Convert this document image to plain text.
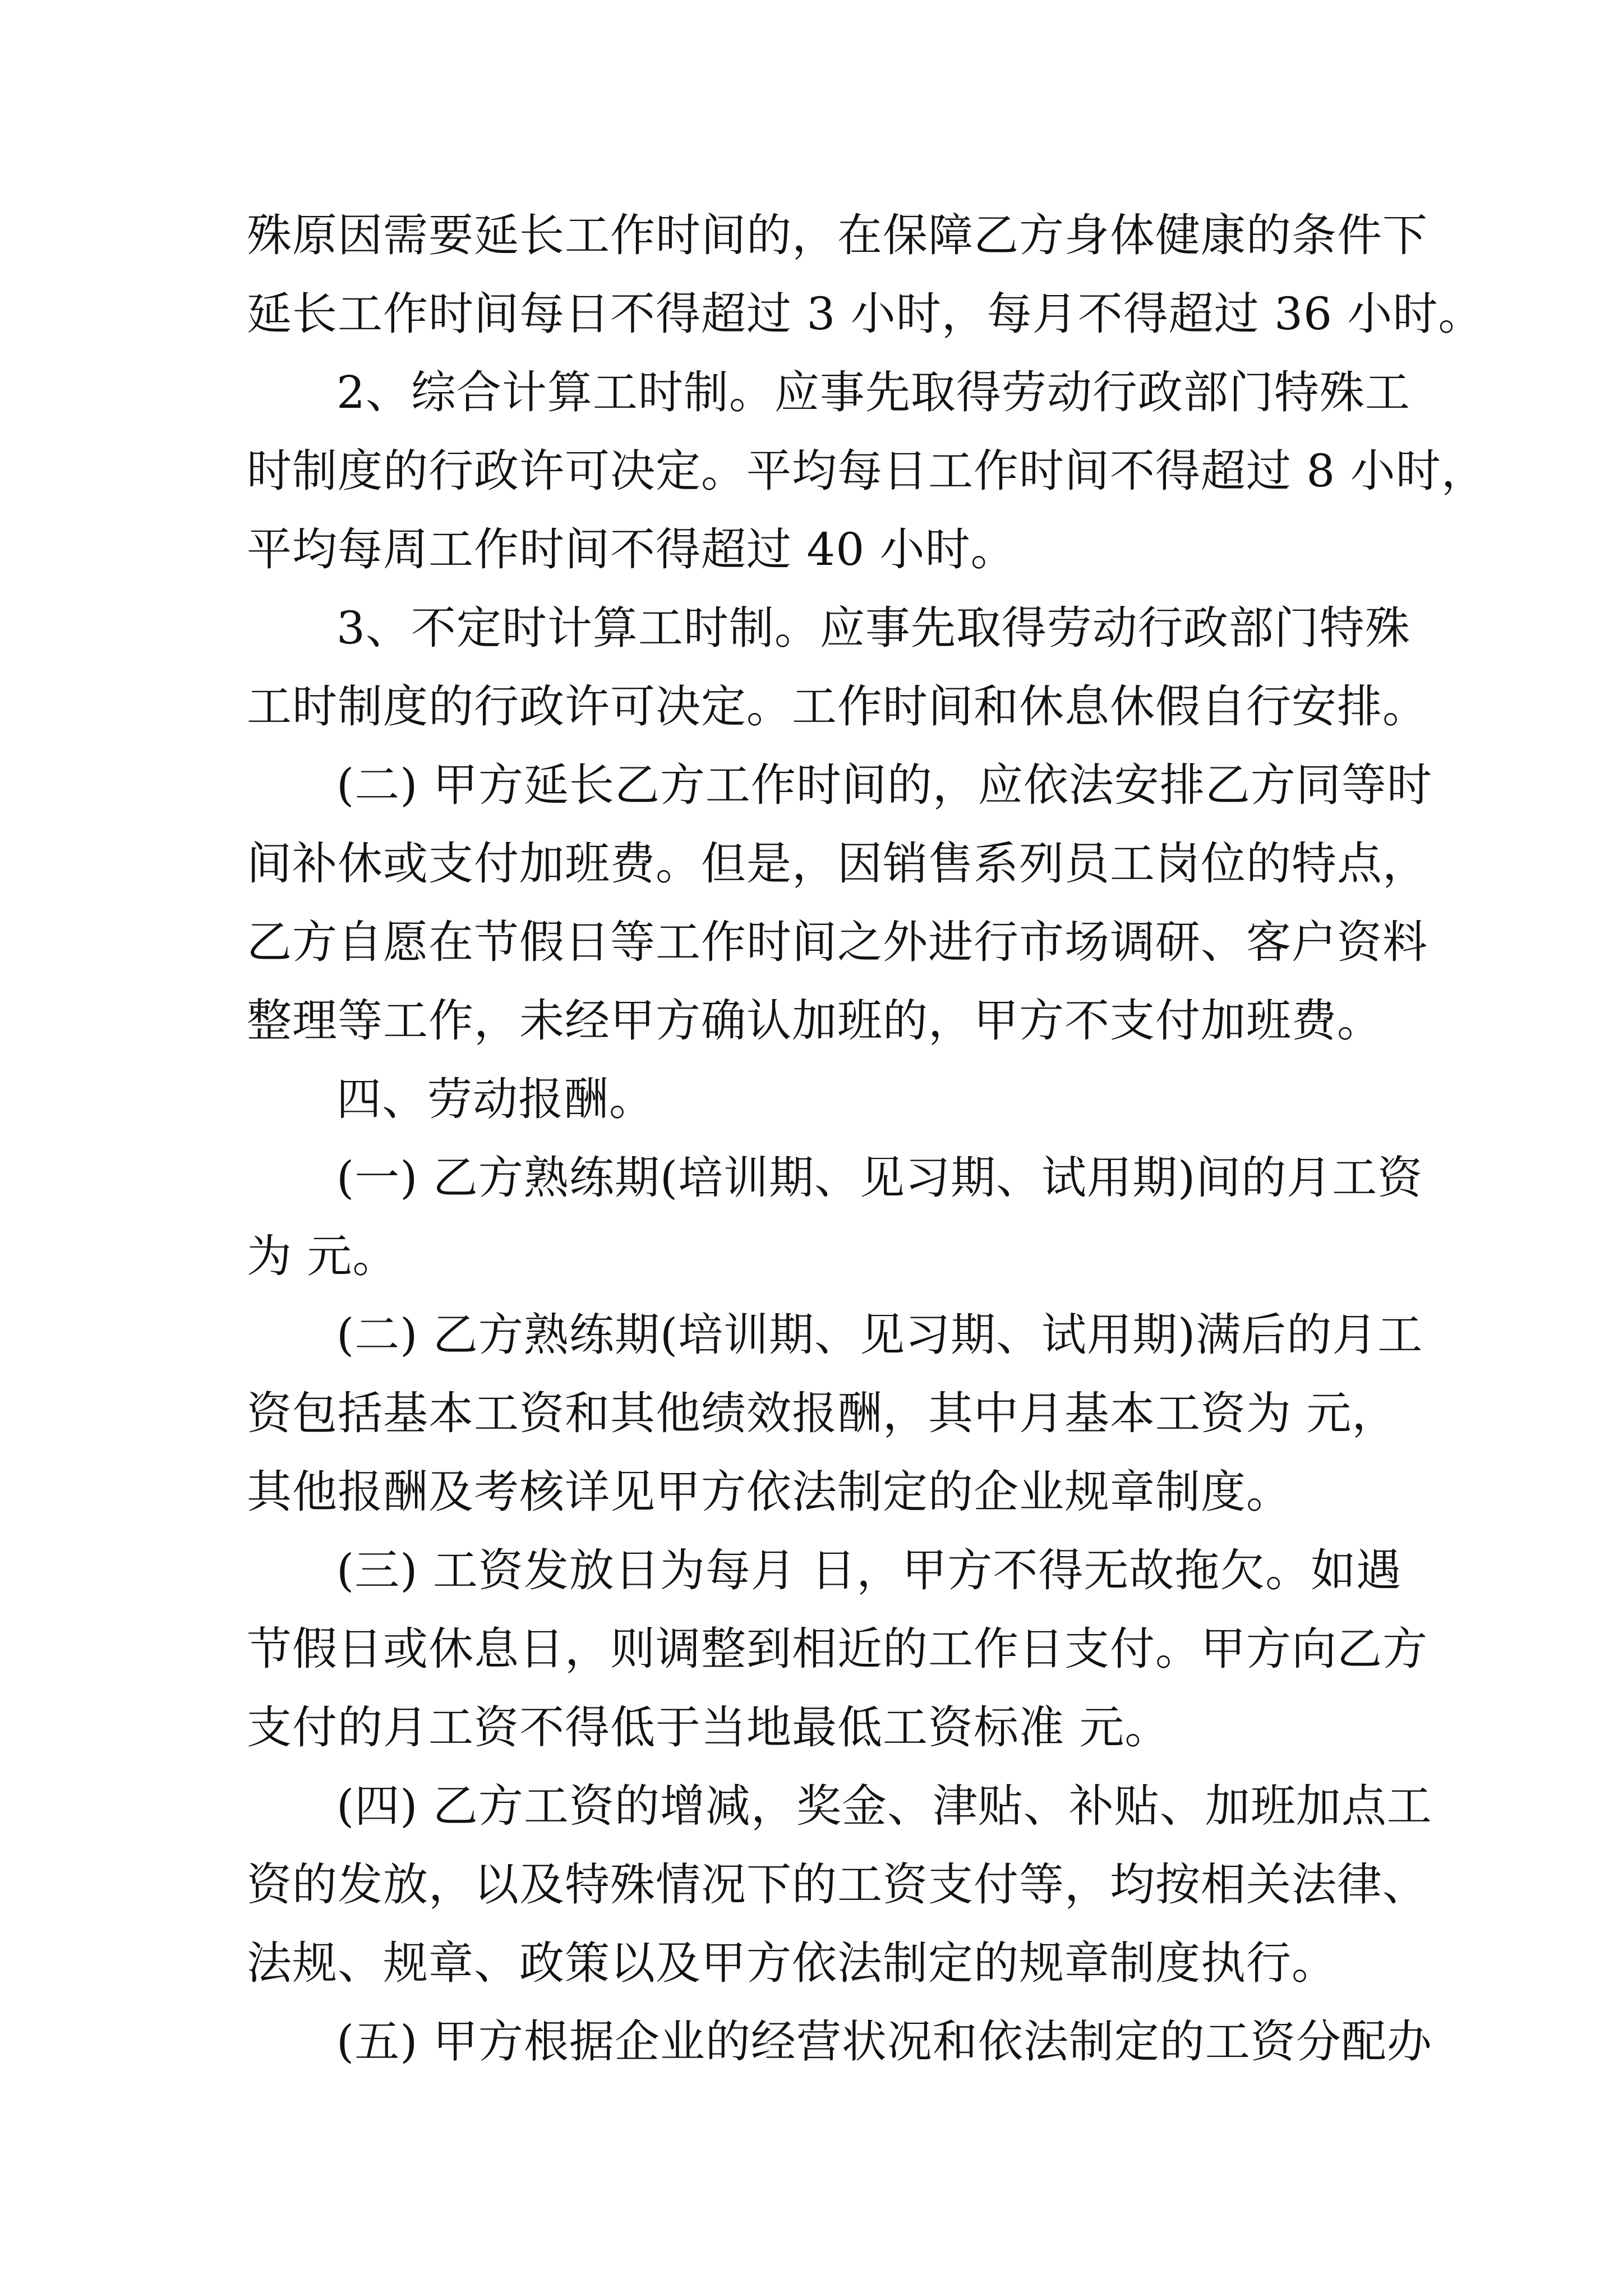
殊原因需要延长工作时间的，在保障乙方身体健康的条件下
延长工作时间每日不得超过 3 小时，每月不得超过 36 小时。
2、综合计算工时制。应事先取得劳动行政部门特殊工
时制度的行政许可决定。平均每日工作时间不得超过 8 小时，
平均每周工作时间不得超过 40 小时。
3、不定时计算工时制。应事先取得劳动行政部门特殊
工时制度的行政许可决定。工作时间和休息休假自行安排。
(二) 甲方延长乙方工作时间的，应依法安排乙方同等时
间补休或支付加班费。但是，因销售系列员工岗位的特点，
乙方自愿在节假日等工作时间之外进行市场调研、客户资料
整理等工作，未经甲方确认加班的，甲方不支付加班费。
四、劳动报酬。
(一) 乙方熟练期(培训期、见习期、试用期)间的月工资
为 元。
(二) 乙方熟练期(培训期、见习期、试用期)满后的月工
资包括基本工资和其他绩效报酬，其中月基本工资为 元，
其他报酬及考核详见甲方依法制定的企业规章制度。
(三) 工资发放日为每月 日，甲方不得无故拖欠。如遇
节假日或休息日，则调整到相近的工作日支付。甲方向乙方
支付的月工资不得低于当地最低工资标准 元。
(四) 乙方工资的增减，奖金、津贴、补贴、加班加点工
资的发放，以及特殊情况下的工资支付等，均按相关法律、
法规、规章、政策以及甲方依法制定的规章制度执行。
(五) 甲方根据企业的经营状况和依法制定的工资分配办
